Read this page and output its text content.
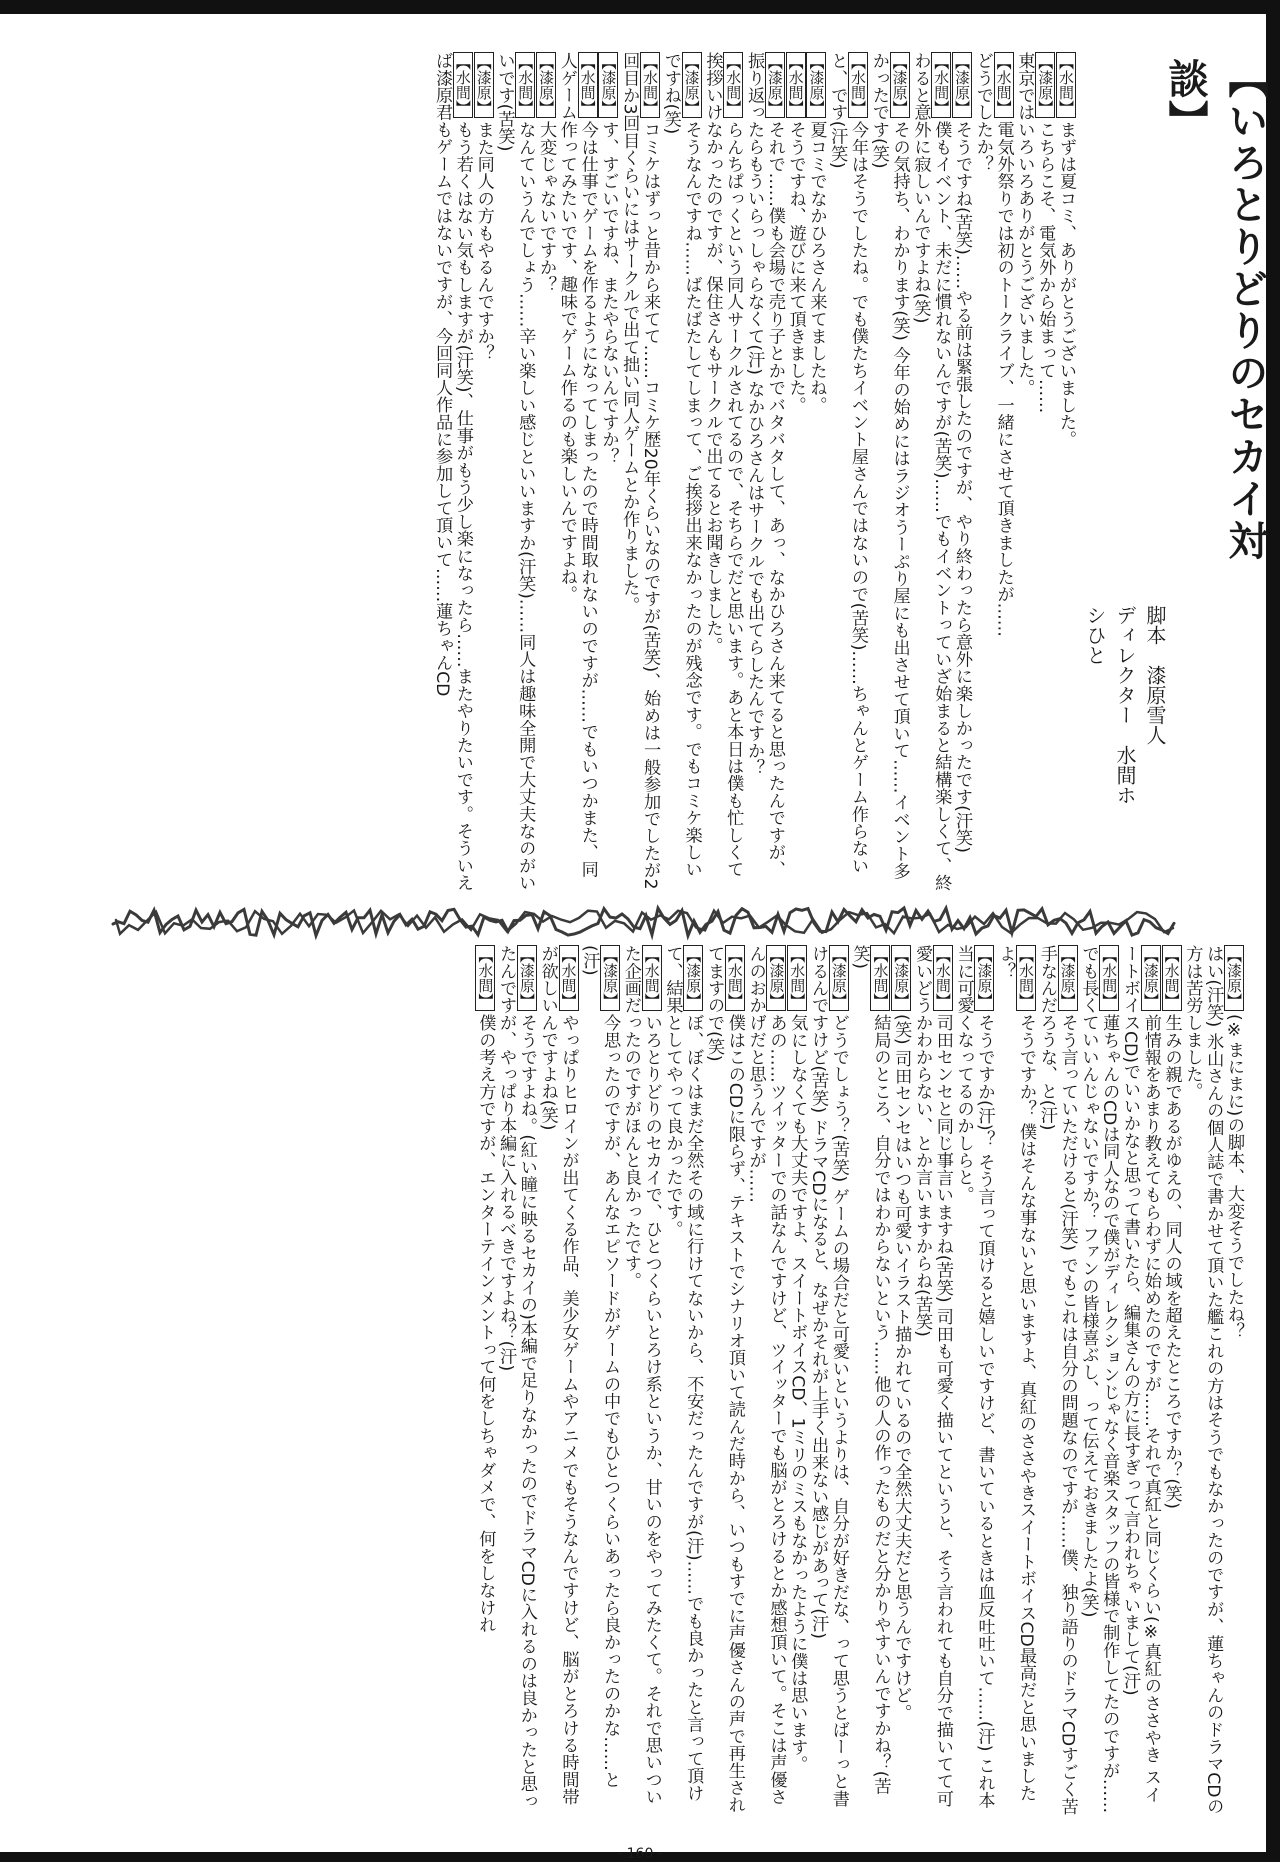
【いろとりどりのセカイ対談】
脚本　漆原雪人
ディレクター　水間ホシひと
【水間】まずは夏コミ、ありがとうございました。
【漆原】こちらこそ、電気外から始まって……
東京ではいろいろありがとうございました。
【水間】電気外祭りでは初のトークライブ、一緒にさせて頂きましたが……
どうでしたか？
【漆原】そうですね(苦笑)……やる前は緊張したのですが、やり終わったら意外に楽しかったです(汗笑)
【水間】僕もイベント、未だに慣れないんですが(苦笑)……でもイベントっていざ始まると結構楽しくて、終わると意外に寂しいんですよね(笑)
【漆原】その気持ち、わかります(笑) 今年の始めにはラジオうーぷり屋にも出させて頂いて……イベント多かったです(笑)
【水間】今年はそうでしたね。でも僕たちイベント屋さんではないので(苦笑)……ちゃんとゲーム作らないと、です(汗笑)
【漆原】夏コミでなかひろさん来てましたね。
【水間】そうですね、遊びに来て頂きました。
【漆原】それで……僕も会場で売り子とかでバタバタして、あっ、なかひろさん来てると思ったんですが、振り返ったらもういらっしゃらなくて(汗) なかひろさんはサークルでも出てらしたんですか？
【水間】らんちぱっくという同人サークルされてるので、そちらでだと思います。あと本日は僕も忙しくて挨拶いけなかったのですが、保住さんもサークルで出てるとお聞きしました。
【漆原】そうなんですね……ばたばたしてしまって、ご挨拶出来なかったのが残念です。でもコミケ楽しいですね(笑)
【水間】コミケはずっと昔から来てて……コミケ歴20年くらいなのですが(苦笑)、始めは一般参加でしたが2回目か3回目くらいにはサークルで出て拙い同人ゲームとか作りました。
【漆原】す、すごいですね、またやらないんですか？
【水間】今は仕事でゲームを作るようになってしまったので時間取れないのですが……でもいつかまた、同人ゲーム作ってみたいです、趣味でゲーム作るのも楽しいんですよね。
【漆原】大変じゃないですか？
【水間】なんていうんでしょう……辛い楽しい感じといいますか(汗笑)……同人は趣味全開で大丈夫なのがいいです(苦笑)
【漆原】また同人の方もやるんですか？
【水間】もう若くはない気もしますが(汗笑)、仕事がもう少し楽になったら……またやりたいです。そういえば漆原君もゲームではないですが、今回同人作品に参加して頂いて……蓮ちゃんCD
【漆原】(※まにまに)の脚本、大変そうでしたね？
はい(汗笑) 氷山さんの個人誌で書かせて頂いた艦これの方はそうでもなかったのですが、蓮ちゃんのドラマCDの方は苦労しました。
【水間】生みの親であるがゆえの、同人の域を超えたところですか？(笑)
【漆原】前情報をあまり教えてもらわずに始めたのですが……それで真紅と同じくらい(※真紅のささやき スイートボイスCD)でいいかなと思って書いたら、編集さんの方に長すぎって言われちゃいまして(汗)
【水間】蓮ちゃんのCDは同人なので僕がディレクションじゃなく音楽スタッフの皆様で制作してたのですが……でも長くていいんじゃないですか？ ファンの皆様喜ぶし、って伝えておきましたよ(笑)
【漆原】そう言っていただけると(汗笑) でもこれは自分の問題なのですが……僕、独り語りのドラマCDすごく苦手なんだろうな、と(汗)
【水間】そうですか？ 僕はそんな事ないと思いますよ、真紅のささやきスイートボイスCD最高だと思いましたよ？
【漆原】そうですか(汗)？ そう言って頂けると嬉しいですけど、書いているときは血反吐吐いて……(汗) これ本当に可愛くなってるのかしらと。
【水間】司田センセと同じ事言いますね(苦笑) 司田も可愛く描いてというと、そう言われても自分で描いてて可愛いどうかわからない、とか言いますからね(苦笑)
【漆原】(笑) 司田センセはいつも可愛いイラスト描かれているので全然大丈夫だと思うんですけど。
【水間】結局のところ、自分ではわからないという……他の人の作ったものだと分かりやすいんですかね？(苦笑)
【漆原】どうでしょう？(苦笑) ゲームの場合だと可愛いというよりは、自分が好きだな、って思うとばーっと書けるんですけど(苦笑) ドラマCDになると、なぜかそれが上手く出来ない感じがあって(汗)
【水間】気にしなくても大丈夫ですよ、スイートボイスCD、1ミリのミスもなかったように僕は思います。
【漆原】あの……ツイッターでの話なんですけど、ツイッターでも脳がとろけるとか感想頂いて。そこは声優さんのおかげだと思うんですが……
【水間】僕はこのCDに限らず、テキストでシナリオ頂いて読んだ時から、いつもすでに声優さんの声で再生されてますので(笑)
【漆原】ぼ、ぼくはまだ全然その域に行けてないから、不安だったんですが(汗)……でも良かったと言って頂けて、結果としてやって良かったです。
【水間】いろとりどりのセカイで、ひとつくらいとろけ系というか、甘いのをやってみたくて。それで思いついた企画だったのですがほんと良かったです。
【漆原】今思ったのですが、あんなエピソードがゲームの中でもひとつくらいあったら良かったのかな……と(汗)
【水間】やっぱりヒロインが出てくる作品、美少女ゲームやアニメでもそうなんですけど、脳がとろける時間帯が欲しいんですよね(笑)
【漆原】そうですよね。(紅い瞳に映るセカイの)本編で足りなかったのでドラマCDに入れるのは良かったと思ったんですが、やっぱり本編に入れるべきですよね？(汗)
【水間】僕の考え方ですが、エンターテインメントって何をしちゃダメで、何をしなけれ
- 160 -
